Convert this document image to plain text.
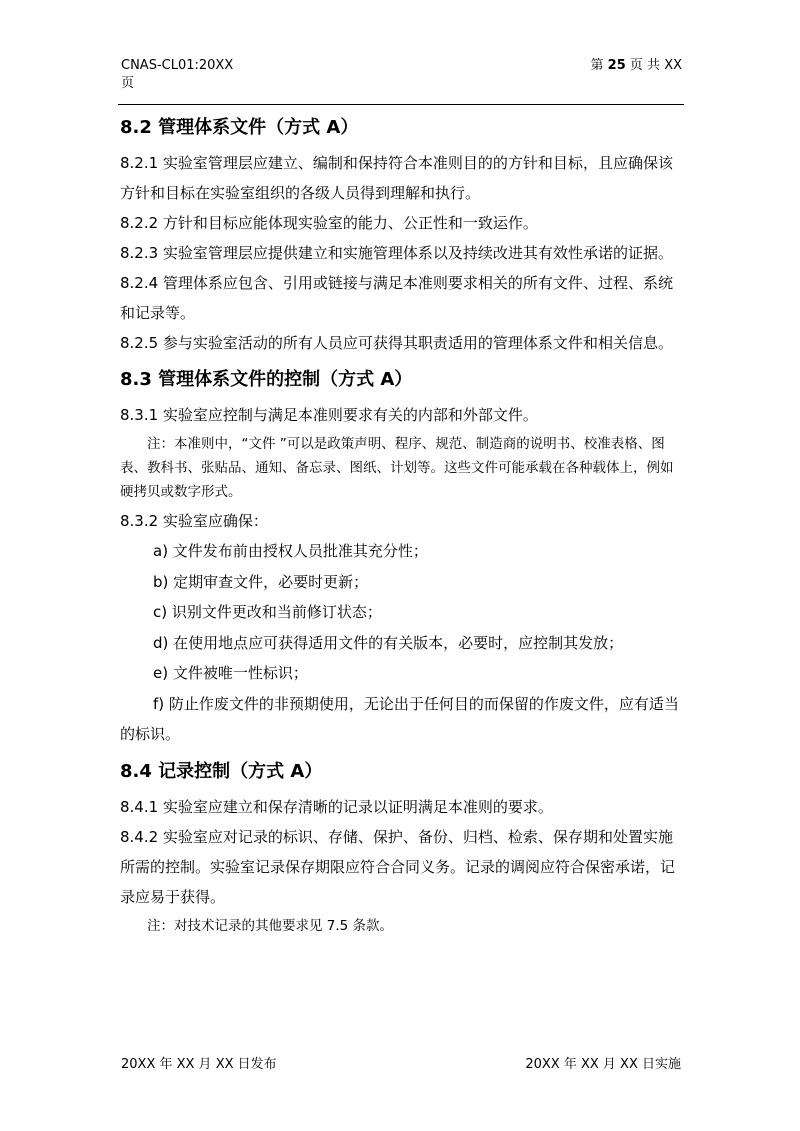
CNAS-CL01:20XX
页
第 25 页 共 XX
8.2 管理体系文件（方式 A）

8.2.1 实验室管理层应建立、编制和保持符合本准则目的的方针和目标，且应确保该方针和目标在实验室组织的各级人员得到理解和执行。

8.2.2 方针和目标应能体现实验室的能力、公正性和一致运作。

8.2.3 实验室管理层应提供建立和实施管理体系以及持续改进其有效性承诺的证据。

8.2.4 管理体系应包含、引用或链接与满足本准则要求相关的所有文件、过程、系统和记录等。

8.2.5 参与实验室活动的所有人员应可获得其职责适用的管理体系文件和相关信息。

8.3 管理体系文件的控制（方式 A）

8.3.1 实验室应控制与满足本准则要求有关的内部和外部文件。

注：本准则中，“文件 ”可以是政策声明、程序、规范、制造商的说明书、校准表格、图表、教科书、张贴品、通知、备忘录、图纸、计划等。这些文件可能承载在各种载体上，例如硬拷贝或数字形式。

8.3.2 实验室应确保：

a) 文件发布前由授权人员批准其充分性；

b) 定期审查文件，必要时更新；

c) 识别文件更改和当前修订状态；

d) 在使用地点应可获得适用文件的有关版本，必要时，应控制其发放；

e) 文件被唯一性标识；

f) 防止作废文件的非预期使用，无论出于任何目的而保留的作废文件，应有适当的标识。

8.4 记录控制（方式 A）

8.4.1 实验室应建立和保存清晰的记录以证明满足本准则的要求。

8.4.2 实验室应对记录的标识、存储、保护、备份、归档、检索、保存期和处置实施所需的控制。实验室记录保存期限应符合合同义务。记录的调阅应符合保密承诺，记录应易于获得。

注：对技术记录的其他要求见 7.5 条款。

20XX 年 XX 月 XX 日发布	20XX 年 XX 月 XX 日实施
